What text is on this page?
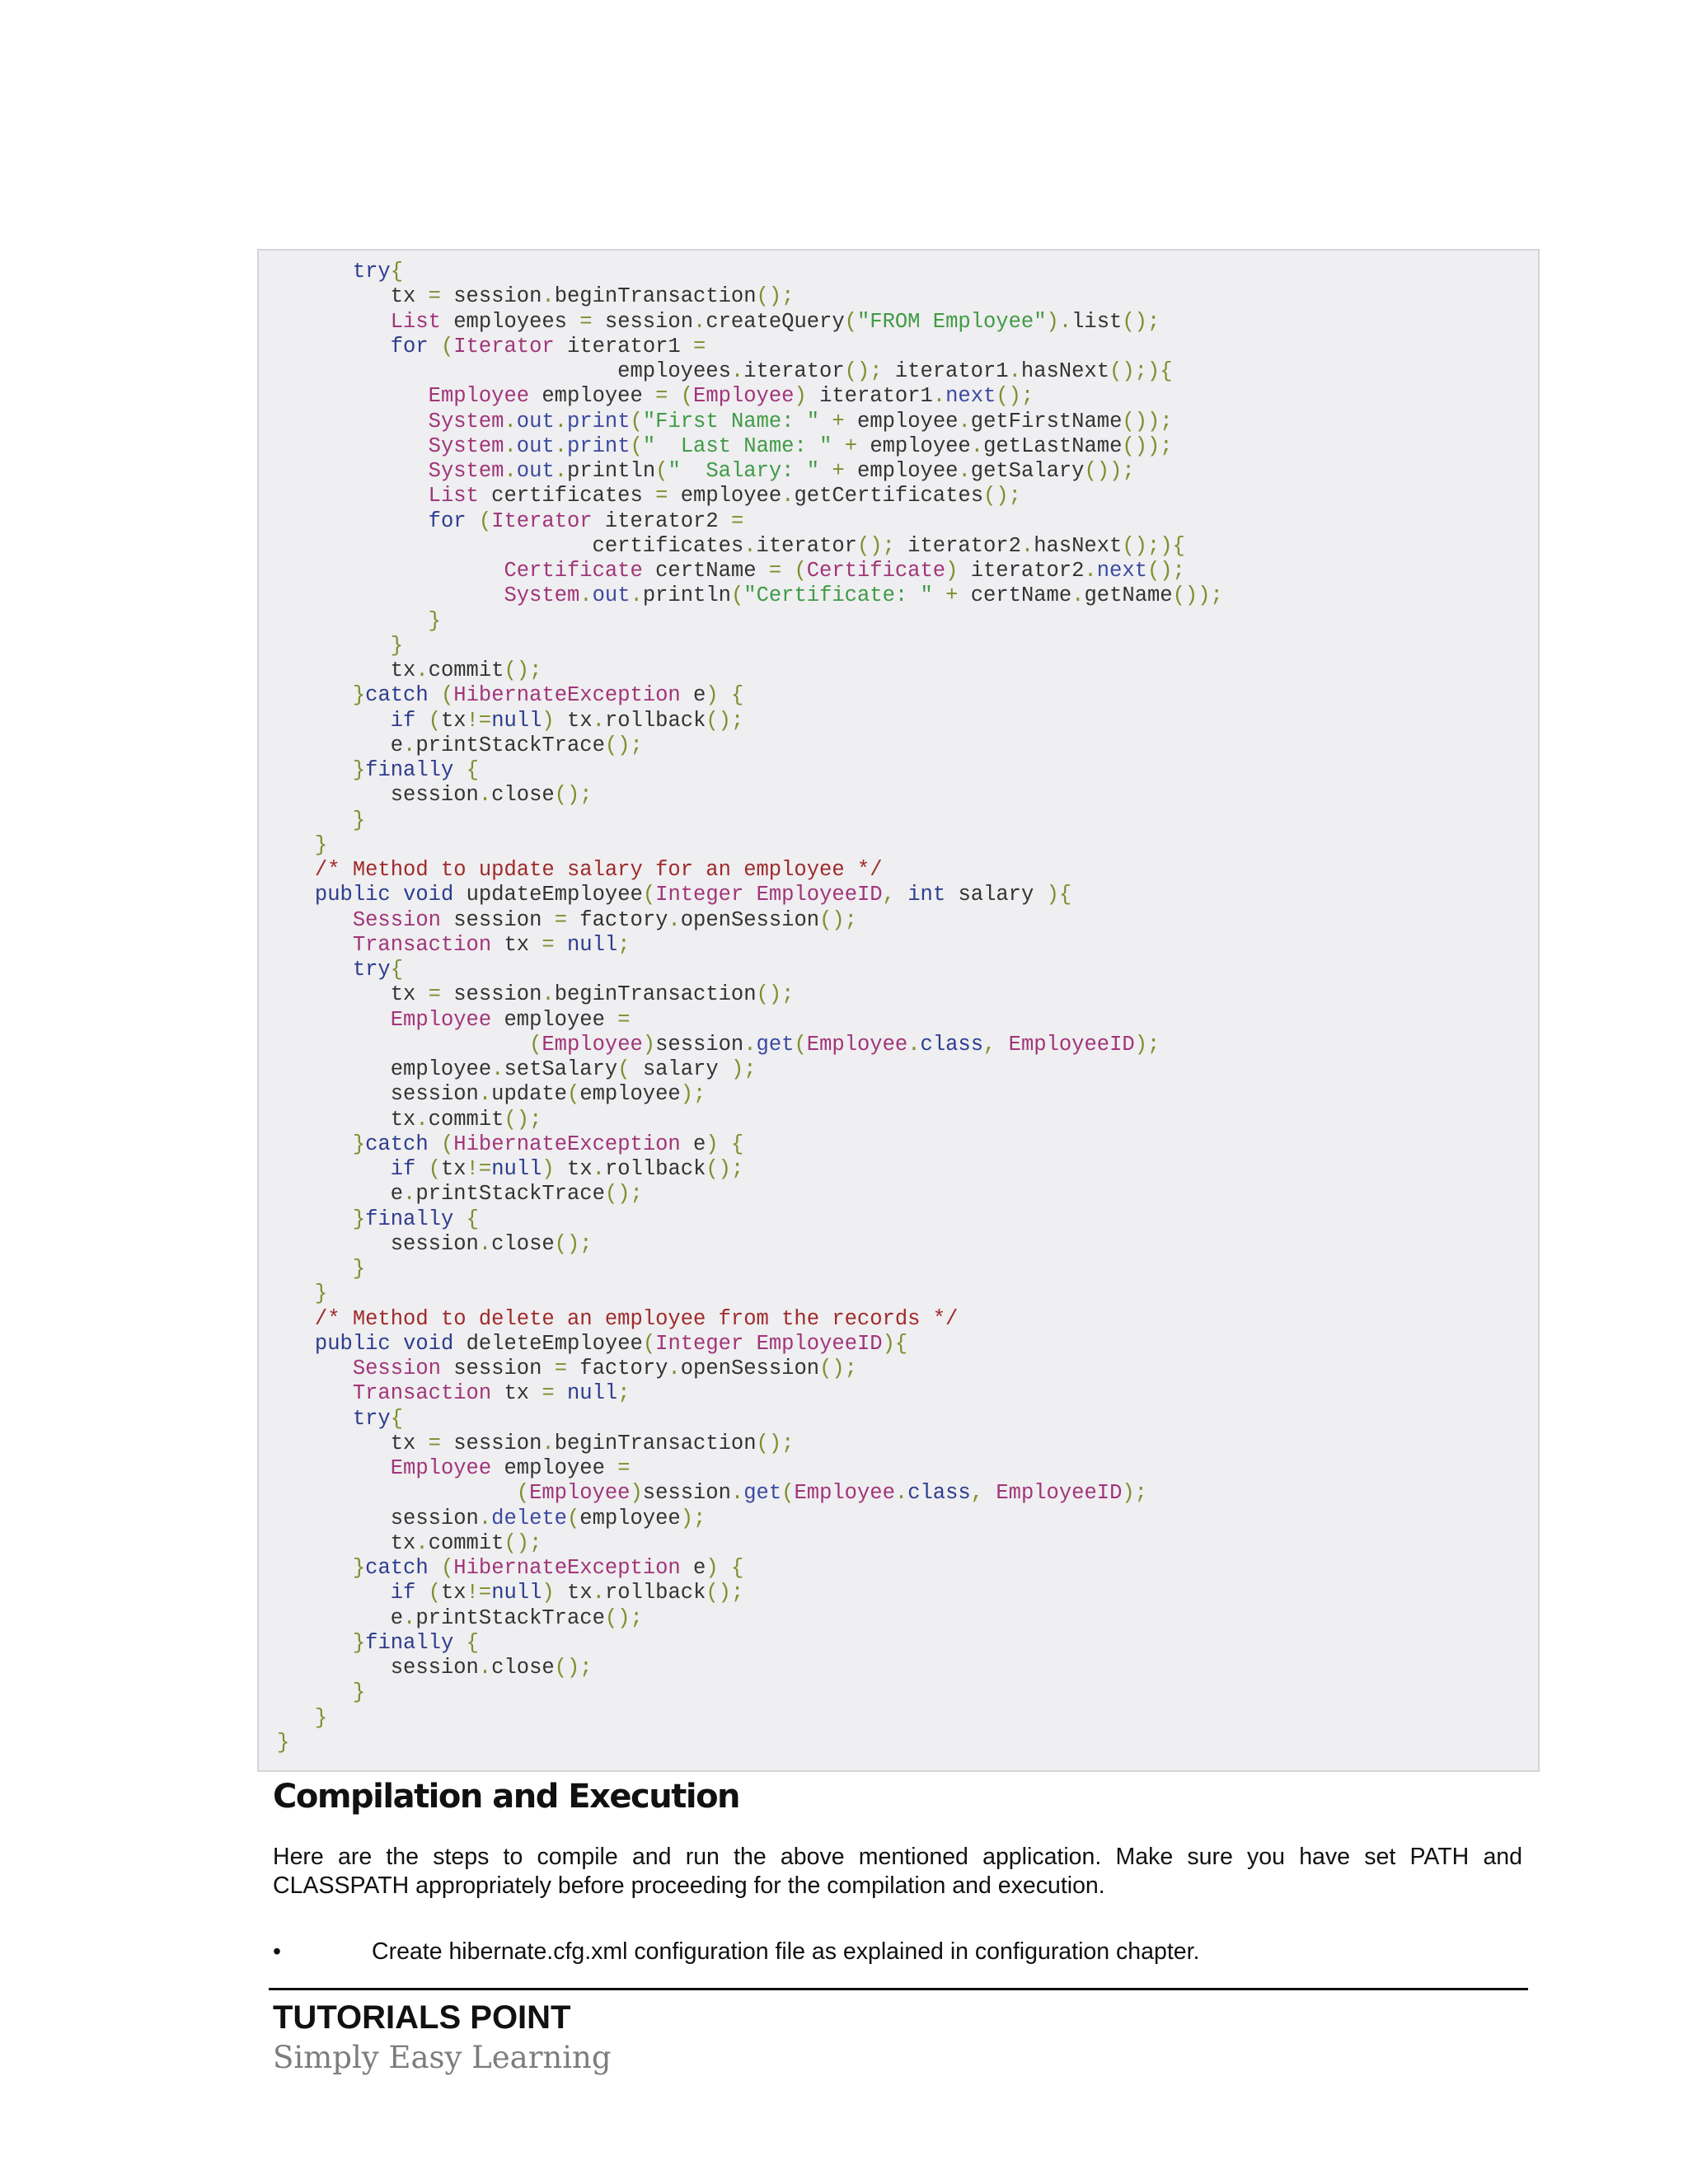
try{
tx = session.beginTransaction();
List employees = session.createQuery("FROM Employee").list();
for (Iterator iterator1 =
employees.iterator(); iterator1.hasNext();){
Employee employee = (Employee) iterator1.next();
System.out.print("First Name: " + employee.getFirstName());
System.out.print("  Last Name: " + employee.getLastName());
System.out.println("  Salary: " + employee.getSalary());
List certificates = employee.getCertificates();
for (Iterator iterator2 =
certificates.iterator(); iterator2.hasNext();){
Certificate certName = (Certificate) iterator2.next();
System.out.println("Certificate: " + certName.getName());
}
}
tx.commit();
}catch (HibernateException e) {
if (tx!=null) tx.rollback();
e.printStackTrace();
}finally {
session.close();
}
}
/* Method to update salary for an employee */
public void updateEmployee(Integer EmployeeID, int salary ){
Session session = factory.openSession();
Transaction tx = null;
try{
tx = session.beginTransaction();
Employee employee =
(Employee)session.get(Employee.class, EmployeeID);
employee.setSalary( salary );
session.update(employee);
tx.commit();
}catch (HibernateException e) {
if (tx!=null) tx.rollback();
e.printStackTrace();
}finally {
session.close();
}
}
/* Method to delete an employee from the records */
public void deleteEmployee(Integer EmployeeID){
Session session = factory.openSession();
Transaction tx = null;
try{
tx = session.beginTransaction();
Employee employee =
(Employee)session.get(Employee.class, EmployeeID);
session.delete(employee);
tx.commit();
}catch (HibernateException e) {
if (tx!=null) tx.rollback();
e.printStackTrace();
}finally {
session.close();
}
}
}
Compilation and Execution

Here are the steps to compile and run the above mentioned application. Make sure you have set PATH and CLASSPATH appropriately before proceeding for the compilation and execution.

•	Create hibernate.cfg.xml configuration file as explained in configuration chapter.
TUTORIALS POINT
Simply Easy Learning
